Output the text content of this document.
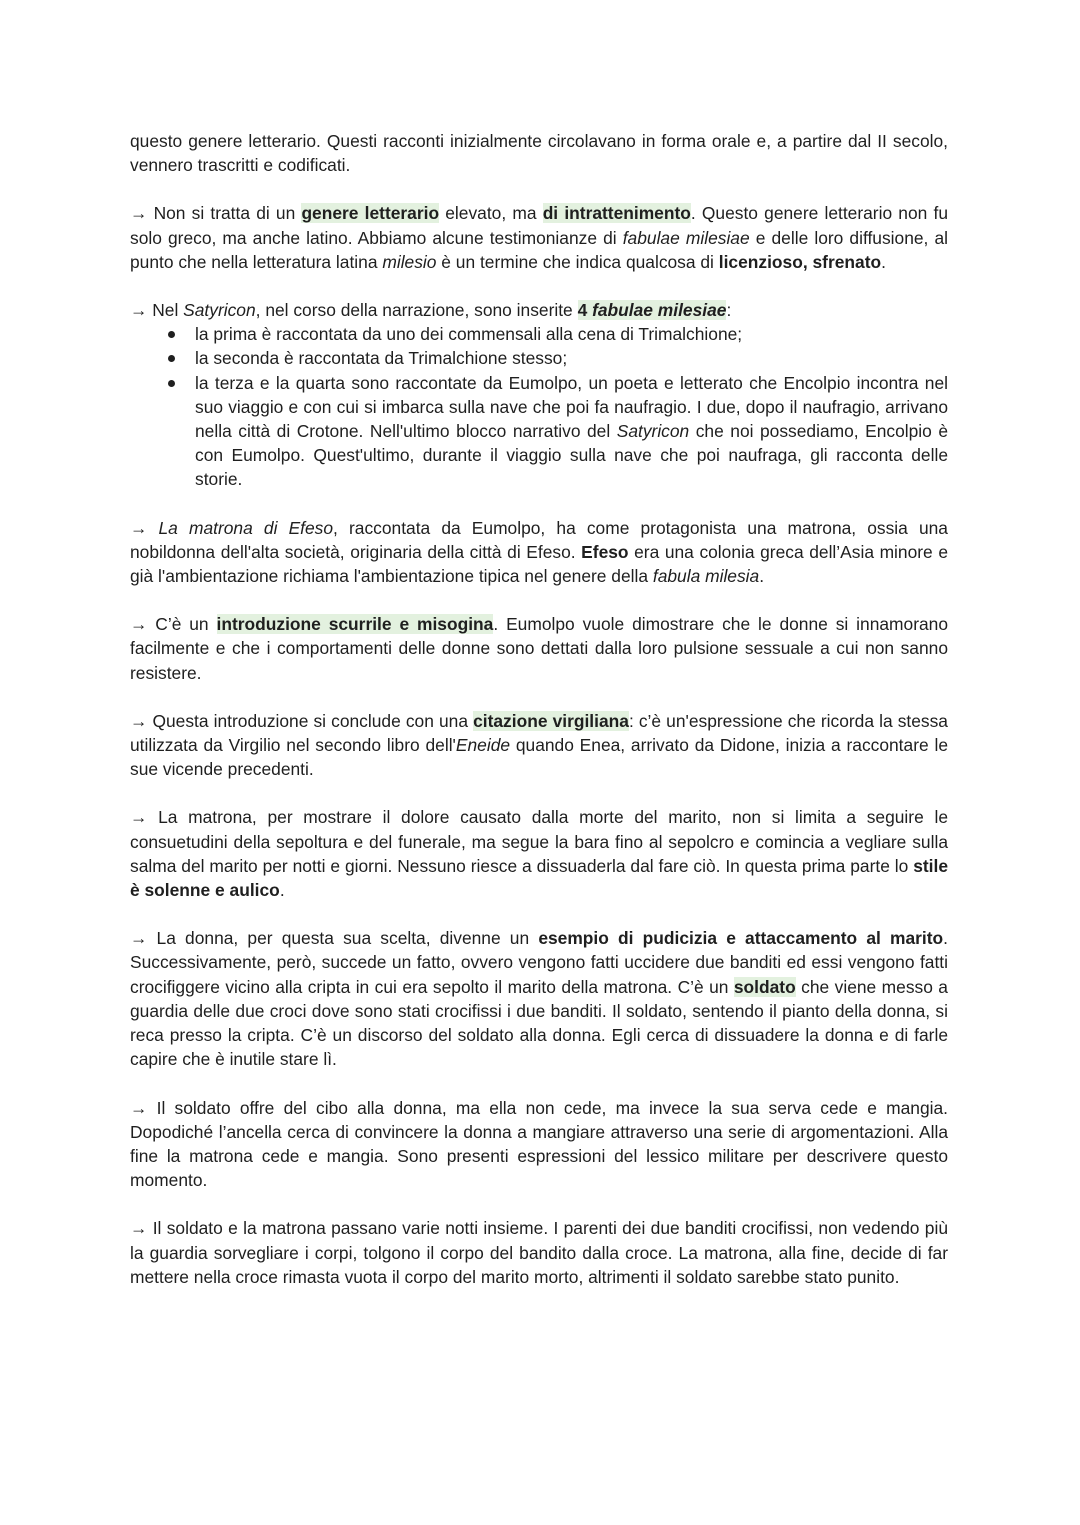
questo genere letterario. Questi racconti inizialmente circolavano in forma orale e, a partire dal II secolo, vennero trascritti e codificati.

→ Non si tratta di un genere letterario elevato, ma di intrattenimento. Questo genere letterario non fu solo greco, ma anche latino. Abbiamo alcune testimonianze di fabulae milesiae e delle loro diffusione, al punto che nella letteratura latina milesio è un termine che indica qualcosa di licenzioso, sfrenato.

→ Nel Satyricon, nel corso della narrazione, sono inserite 4 fabulae milesiae:

la prima è raccontata da uno dei commensali alla cena di Trimalchione;
la seconda è raccontata da Trimalchione stesso;
la terza e la quarta sono raccontate da Eumolpo, un poeta e letterato che Encolpio incontra nel suo viaggio e con cui si imbarca sulla nave che poi fa naufragio. I due, dopo il naufragio, arrivano nella città di Crotone. Nell'ultimo blocco narrativo del Satyricon che noi possediamo, Encolpio è con Eumolpo. Quest'ultimo, durante il viaggio sulla nave che poi naufraga, gli racconta delle storie.

→ La matrona di Efeso, raccontata da Eumolpo, ha come protagonista una matrona, ossia una nobildonna dell'alta società, originaria della città di Efeso. Efeso era una colonia greca dell’Asia minore e già l'ambientazione richiama l'ambientazione tipica nel genere della fabula milesia.

→ C’è un introduzione scurrile e misogina. Eumolpo vuole dimostrare che le donne si innamorano facilmente e che i comportamenti delle donne sono dettati dalla loro pulsione sessuale a cui non sanno resistere.

→ Questa introduzione si conclude con una citazione virgiliana: c’è un'espressione che ricorda la stessa utilizzata da Virgilio nel secondo libro dell'Eneide quando Enea, arrivato da Didone, inizia a raccontare le sue vicende precedenti.

→ La matrona, per mostrare il dolore causato dalla morte del marito, non si limita a seguire le consuetudini della sepoltura e del funerale, ma segue la bara fino al sepolcro e comincia a vegliare sulla salma del marito per notti e giorni. Nessuno riesce a dissuaderla dal fare ciò. In questa prima parte lo stile è solenne e aulico.

→ La donna, per questa sua scelta, divenne un esempio di pudicizia e attaccamento al marito. Successivamente, però, succede un fatto, ovvero vengono fatti uccidere due banditi ed essi vengono fatti crocifiggere vicino alla cripta in cui era sepolto il marito della matrona. C’è un soldato che viene messo a guardia delle due croci dove sono stati crocifissi i due banditi. Il soldato, sentendo il pianto della donna, si reca presso la cripta. C’è un discorso del soldato alla donna. Egli cerca di dissuadere la donna e di farle capire che è inutile stare lì.

→ Il soldato offre del cibo alla donna, ma ella non cede, ma invece la sua serva cede e mangia. Dopodiché l’ancella cerca di convincere la donna a mangiare attraverso una serie di argomentazioni. Alla fine la matrona cede e mangia. Sono presenti espressioni del lessico militare per descrivere questo momento.

→ Il soldato e la matrona passano varie notti insieme. I parenti dei due banditi crocifissi, non vedendo più la guardia sorvegliare i corpi, tolgono il corpo del bandito dalla croce. La matrona, alla fine, decide di far mettere nella croce rimasta vuota il corpo del marito morto, altrimenti il soldato sarebbe stato punito.
